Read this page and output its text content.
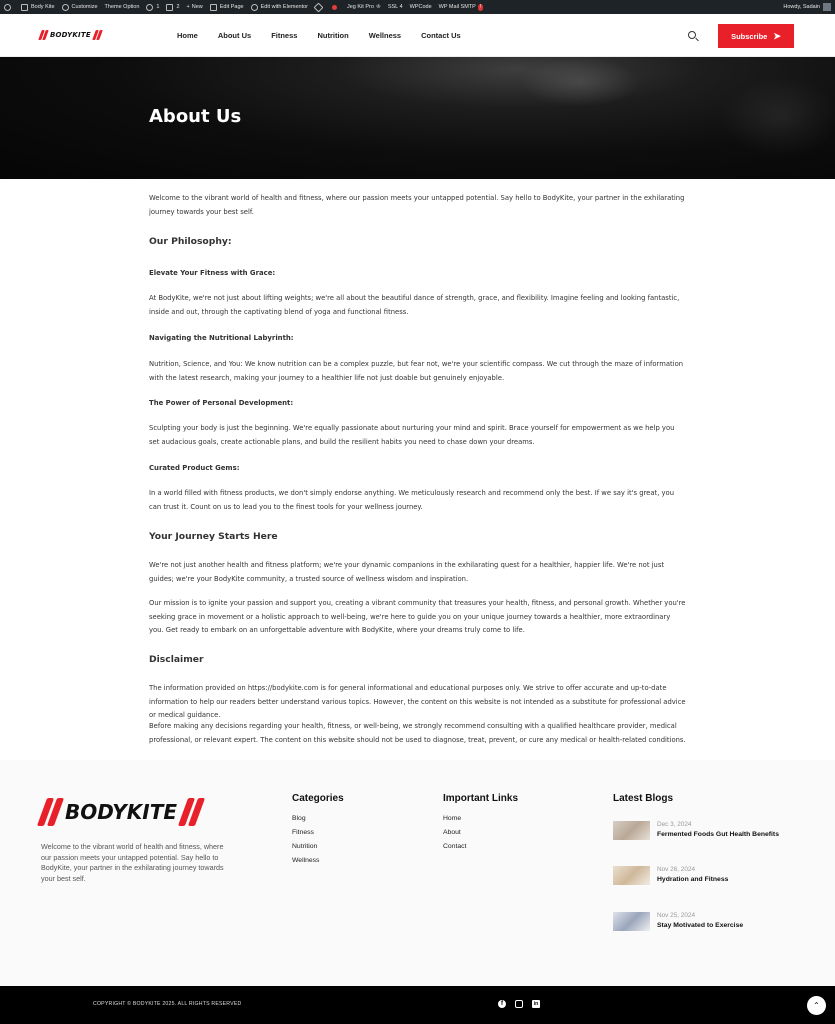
Body Kite	Customize Theme Option	1	2 + New	Edit Page	Edit with Elementor	Jeg Kit Pro ♔ SSL 4 WPCode WP Mail SMTP !	Howdy, Sadain
BODYKITE	Home	About Us	Fitness	Nutrition	Wellness	Contact Us	Subscribe ➤
About Us

Welcome to the vibrant world of health and fitness, where our passion meets your untapped potential. Say hello to BodyKite, your partner in the exhilarating journey towards your best self.

Our Philosophy:
Elevate Your Fitness with Grace:

At BodyKite, we're not just about lifting weights; we're all about the beautiful dance of strength, grace, and flexibility. Imagine feeling and looking fantastic, inside and out, through the captivating blend of yoga and functional fitness.

Navigating the Nutritional Labyrinth:

Nutrition, Science, and You: We know nutrition can be a complex puzzle, but fear not, we're your scientific compass. We cut through the maze of information with the latest research, making your journey to a healthier life not just doable but genuinely enjoyable.

The Power of Personal Development:

Sculpting your body is just the beginning. We're equally passionate about nurturing your mind and spirit. Brace yourself for empowerment as we help you set audacious goals, create actionable plans, and build the resilient habits you need to chase down your dreams.

Curated Product Gems:

In a world filled with fitness products, we don't simply endorse anything. We meticulously research and recommend only the best. If we say it's great, you can trust it. Count on us to lead you to the finest tools for your wellness journey.

Your Journey Starts Here

We're not just another health and fitness platform; we're your dynamic companions in the exhilarating quest for a healthier, happier life. We're not just guides; we're your BodyKite community, a trusted source of wellness wisdom and inspiration.

Our mission is to ignite your passion and support you, creating a vibrant community that treasures your health, fitness, and personal growth. Whether you're seeking grace in movement or a holistic approach to well-being, we're here to guide you on your unique journey towards a healthier, more extraordinary you. Get ready to embark on an unforgettable adventure with BodyKite, where your dreams truly come to life.

Disclaimer

The information provided on https://bodykite.com is for general informational and educational purposes only. We strive to offer accurate and up-to-date information to help our readers better understand various topics. However, the content on this website is not intended as a substitute for professional advice or medical guidance.

Before making any decisions regarding your health, fitness, or well-being, we strongly recommend consulting with a qualified healthcare provider, medical professional, or relevant expert. The content on this website should not be used to diagnose, treat, prevent, or cure any medical or health-related conditions.

BODYKITE
Welcome to the vibrant world of health and fitness, where our passion meets your untapped potential. Say hello to BodyKite, your partner in the exhilarating journey towards your best self.
Categories
Blog
Fitness
Nutrition
Wellness
Important Links
Home
About
Contact
Latest Blogs
Dec 3, 2024
Fermented Foods Gut Health Benefits
Nov 26, 2024
Hydration and Fitness
Nov 25, 2024
Stay Motivated to Exercise
COPYRIGHT © BODYKITE 2025. ALL RIGHTS RESERVED	f	in	⌃
